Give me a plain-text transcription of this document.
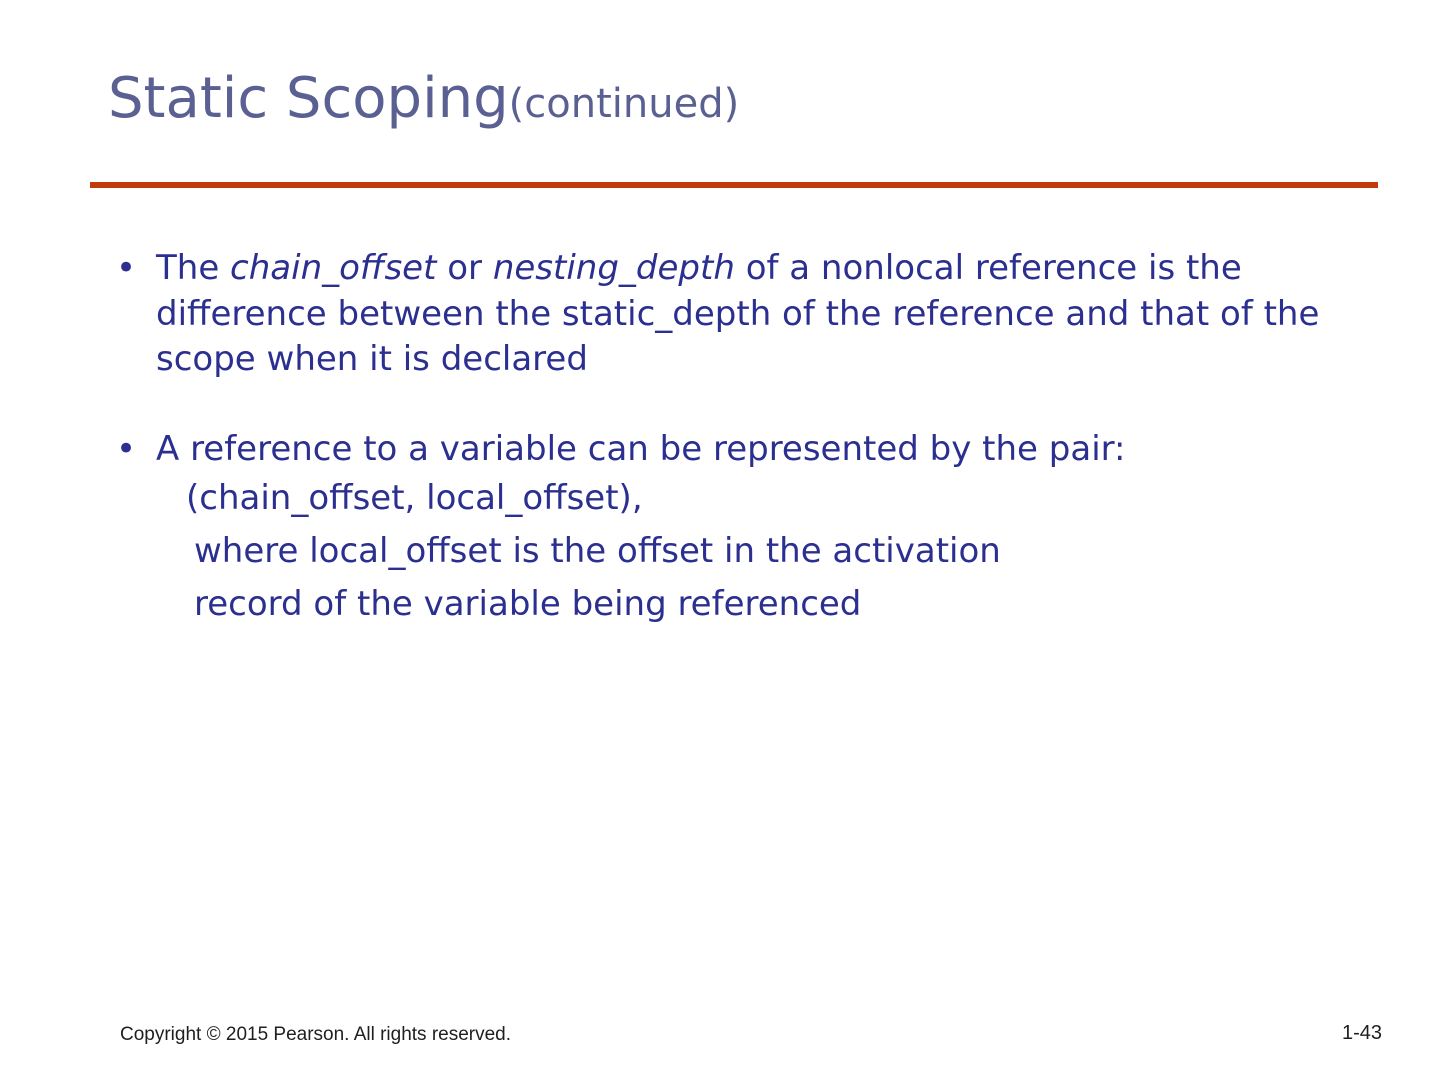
Static Scoping(continued)
• The chain_offset or nesting_depth of a nonlocal reference is the difference between the static_depth of the reference and that of the scope when it is declared
• A reference to a variable can be represented by the pair:
(chain_offset, local_offset),
where local_offset is the offset in the activation
record of the variable being referenced
Copyright © 2015 Pearson. All rights reserved.	1-43
